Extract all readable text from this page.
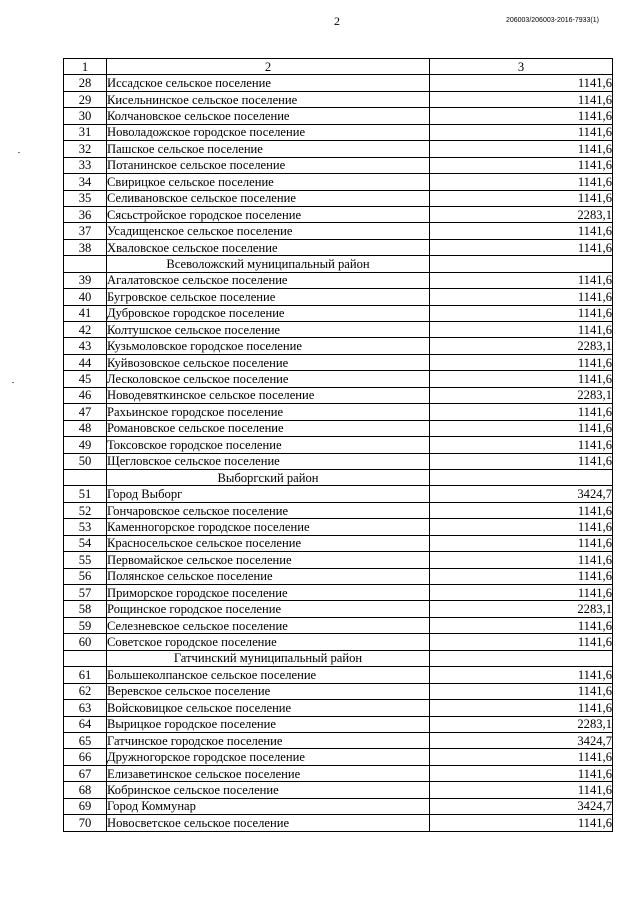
2	206003/206003-2016-7933(1)
1	2	3
28	Иссадское сельское поселение	1141,6
29	Кисельнинское сельское поселение	1141,6
30	Колчановское сельское поселение	1141,6
31	Новоладожское городское поселение	1141,6
32	Пашское сельское поселение	1141,6
33	Потанинское сельское поселение	1141,6
34	Свирицкое сельское поселение	1141,6
35	Селивановское сельское поселение	1141,6
36	Сясьстройское городское поселение	2283,1
37	Усадищенское сельское поселение	1141,6
38	Хваловское сельское поселение	1141,6
	Всеволожский муниципальный район	
39	Агалатовское сельское поселение	1141,6
40	Бугровское сельское поселение	1141,6
41	Дубровское городское поселение	1141,6
42	Колтушское сельское поселение	1141,6
43	Кузьмоловское городское поселение	2283,1
44	Куйвозовское сельское поселение	1141,6
45	Лесколовское сельское поселение	1141,6
46	Новодевяткинское сельское поселение	2283,1
47	Рахьинское городское поселение	1141,6
48	Романовское сельское поселение	1141,6
49	Токсовское городское поселение	1141,6
50	Щегловское сельское поселение	1141,6
	Выборгский район	
51	Город Выборг	3424,7
52	Гончаровское сельское поселение	1141,6
53	Каменногорское городское поселение	1141,6
54	Красносельское сельское поселение	1141,6
55	Первомайское сельское поселение	1141,6
56	Полянское сельское поселение	1141,6
57	Приморское городское поселение	1141,6
58	Рощинское городское поселение	2283,1
59	Селезневское сельское поселение	1141,6
60	Советское городское поселение	1141,6
	Гатчинский муниципальный район	
61	Большеколпанское сельское поселение	1141,6
62	Веревское сельское поселение	1141,6
63	Войсковицкое сельское поселение	1141,6
64	Вырицкое городское поселение	2283,1
65	Гатчинское городское поселение	3424,7
66	Дружногорское городское поселение	1141,6
67	Елизаветинское сельское поселение	1141,6
68	Кобринское сельское поселение	1141,6
69	Город Коммунар	3424,7
70	Новосветское сельское поселение	1141,6
